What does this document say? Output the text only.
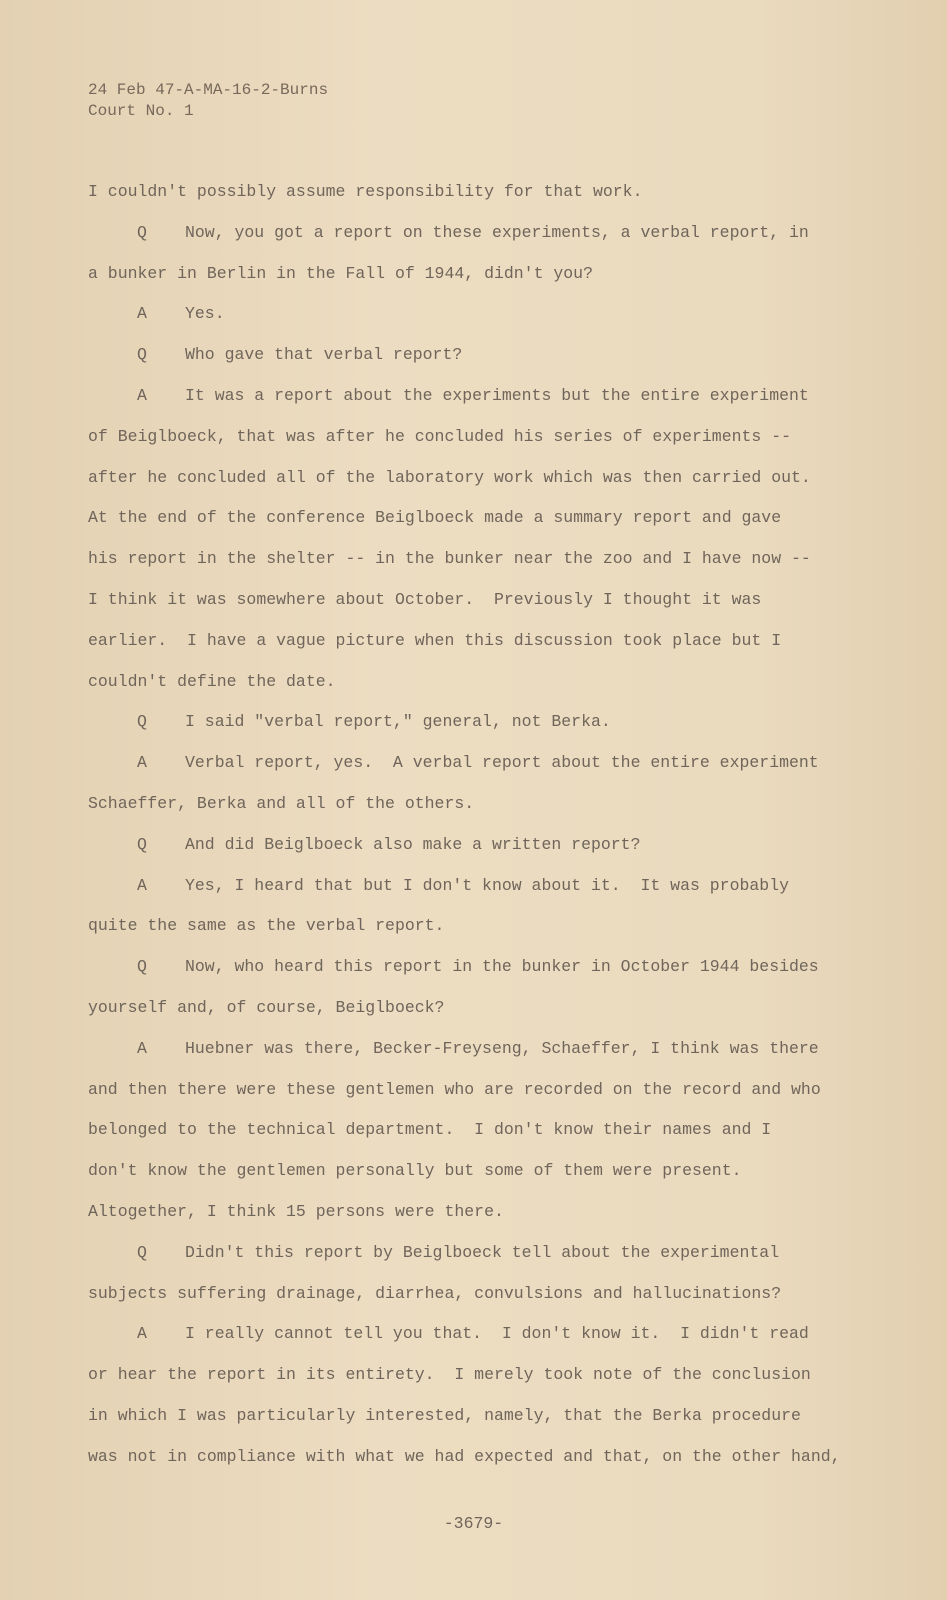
24 Feb 47-A-MA-16-2-Burns
Court No. 1
I couldn't possibly assume responsibility for that work.
Q Now, you got a report on these experiments, a verbal report, in
a bunker in Berlin in the Fall of 1944, didn't you?
A Yes.
Q Who gave that verbal report?
A It was a report about the experiments but the entire experiment
of Beiglboeck, that was after he concluded his series of experiments --
after he concluded all of the laboratory work which was then carried out.
At the end of the conference Beiglboeck made a summary report and gave
his report in the shelter -- in the bunker near the zoo and I have now --
I think it was somewhere about October.  Previously I thought it was
earlier.  I have a vague picture when this discussion took place but I
couldn't define the date.
Q I said "verbal report," general, not Berka.
A Verbal report, yes.  A verbal report about the entire experiment
Schaeffer, Berka and all of the others.
Q And did Beiglboeck also make a written report?
A Yes, I heard that but I don't know about it.  It was probably
quite the same as the verbal report.
Q Now, who heard this report in the bunker in October 1944 besides
yourself and, of course, Beiglboeck?
A Huebner was there, Becker-Freyseng, Schaeffer, I think was there
and then there were these gentlemen who are recorded on the record and who
belonged to the technical department.  I don't know their names and I
don't know the gentlemen personally but some of them were present.
Altogether, I think 15 persons were there.
Q Didn't this report by Beiglboeck tell about the experimental
subjects suffering drainage, diarrhea, convulsions and hallucinations?
A I really cannot tell you that.  I don't know it.  I didn't read
or hear the report in its entirety.  I merely took note of the conclusion
in which I was particularly interested, namely, that the Berka procedure
was not in compliance with what we had expected and that, on the other hand,
-3679-
